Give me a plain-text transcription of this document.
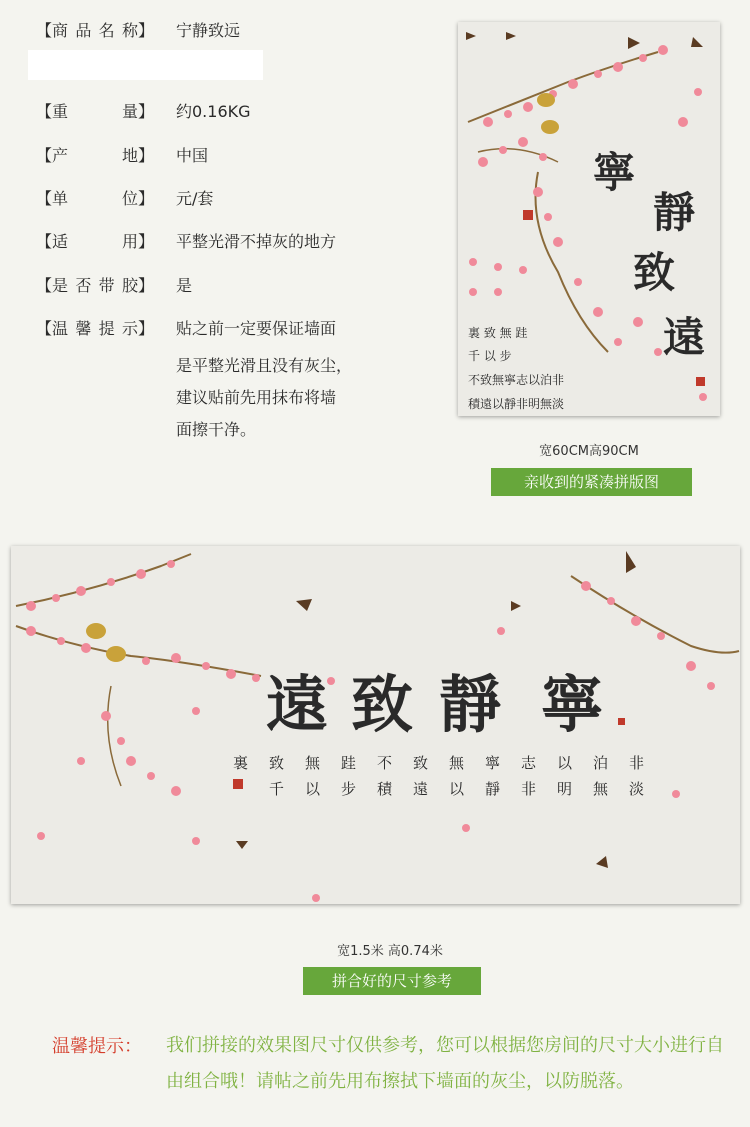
【商 品 名 称】 宁静致远
【重	量】 约0.16KG
【产	地】 中国
【单	位】 元/套
【适	用】 平整光滑不掉灰的地方
【是 否 带 胶】 是
【温 馨 提 示】 贴之前一定要保证墙面
是平整光滑且没有灰尘，
建议贴前先用抹布将墙
面擦干净。
寧
靜
致
遠
裏 致 無 跬
千 以 步
不致無寧志以泊非
積遠以靜非明無淡
宽60CM高90CM
亲收到的紧凑拼版图
遠 致 靜 寧
裏 致 無 跬 不 致 無 寧 志 以 泊 非
千 以 步 積 遠 以 靜 非 明 無 淡
宽1.5米 高0.74米
拼合好的尺寸参考
温馨提示： 我们拼接的效果图尺寸仅供参考，您可以根据您房间的尺寸大小进行自由组合哦！请帖之前先用布擦拭下墙面的灰尘，以防脱落。
